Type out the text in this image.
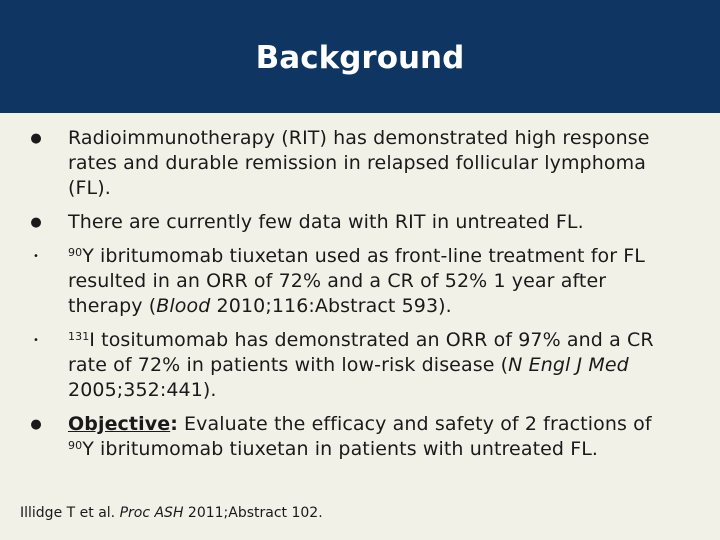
Background
● Radioimmunotherapy (RIT) has demonstrated high response rates and durable remission in relapsed follicular lymphoma (FL).
● There are currently few data with RIT in untreated FL.
•	$^{90}$Y ibritumomab tiuxetan used as front-line treatment for FL resulted in an ORR of 72% and a CR of 52% 1 year after therapy (Blood 2010;116:Abstract 593).
•	$^{131}$I tositumomab has demonstrated an ORR of 97% and a CR rate of 72% in patients with low-risk disease (N Engl J Med 2005;352:441).
● Objective: Evaluate the efficacy and safety of 2 fractions of $^{90}$Y ibritumomab tiuxetan in patients with untreated FL.
Illidge T et al. Proc ASH 2011;Abstract 102.
